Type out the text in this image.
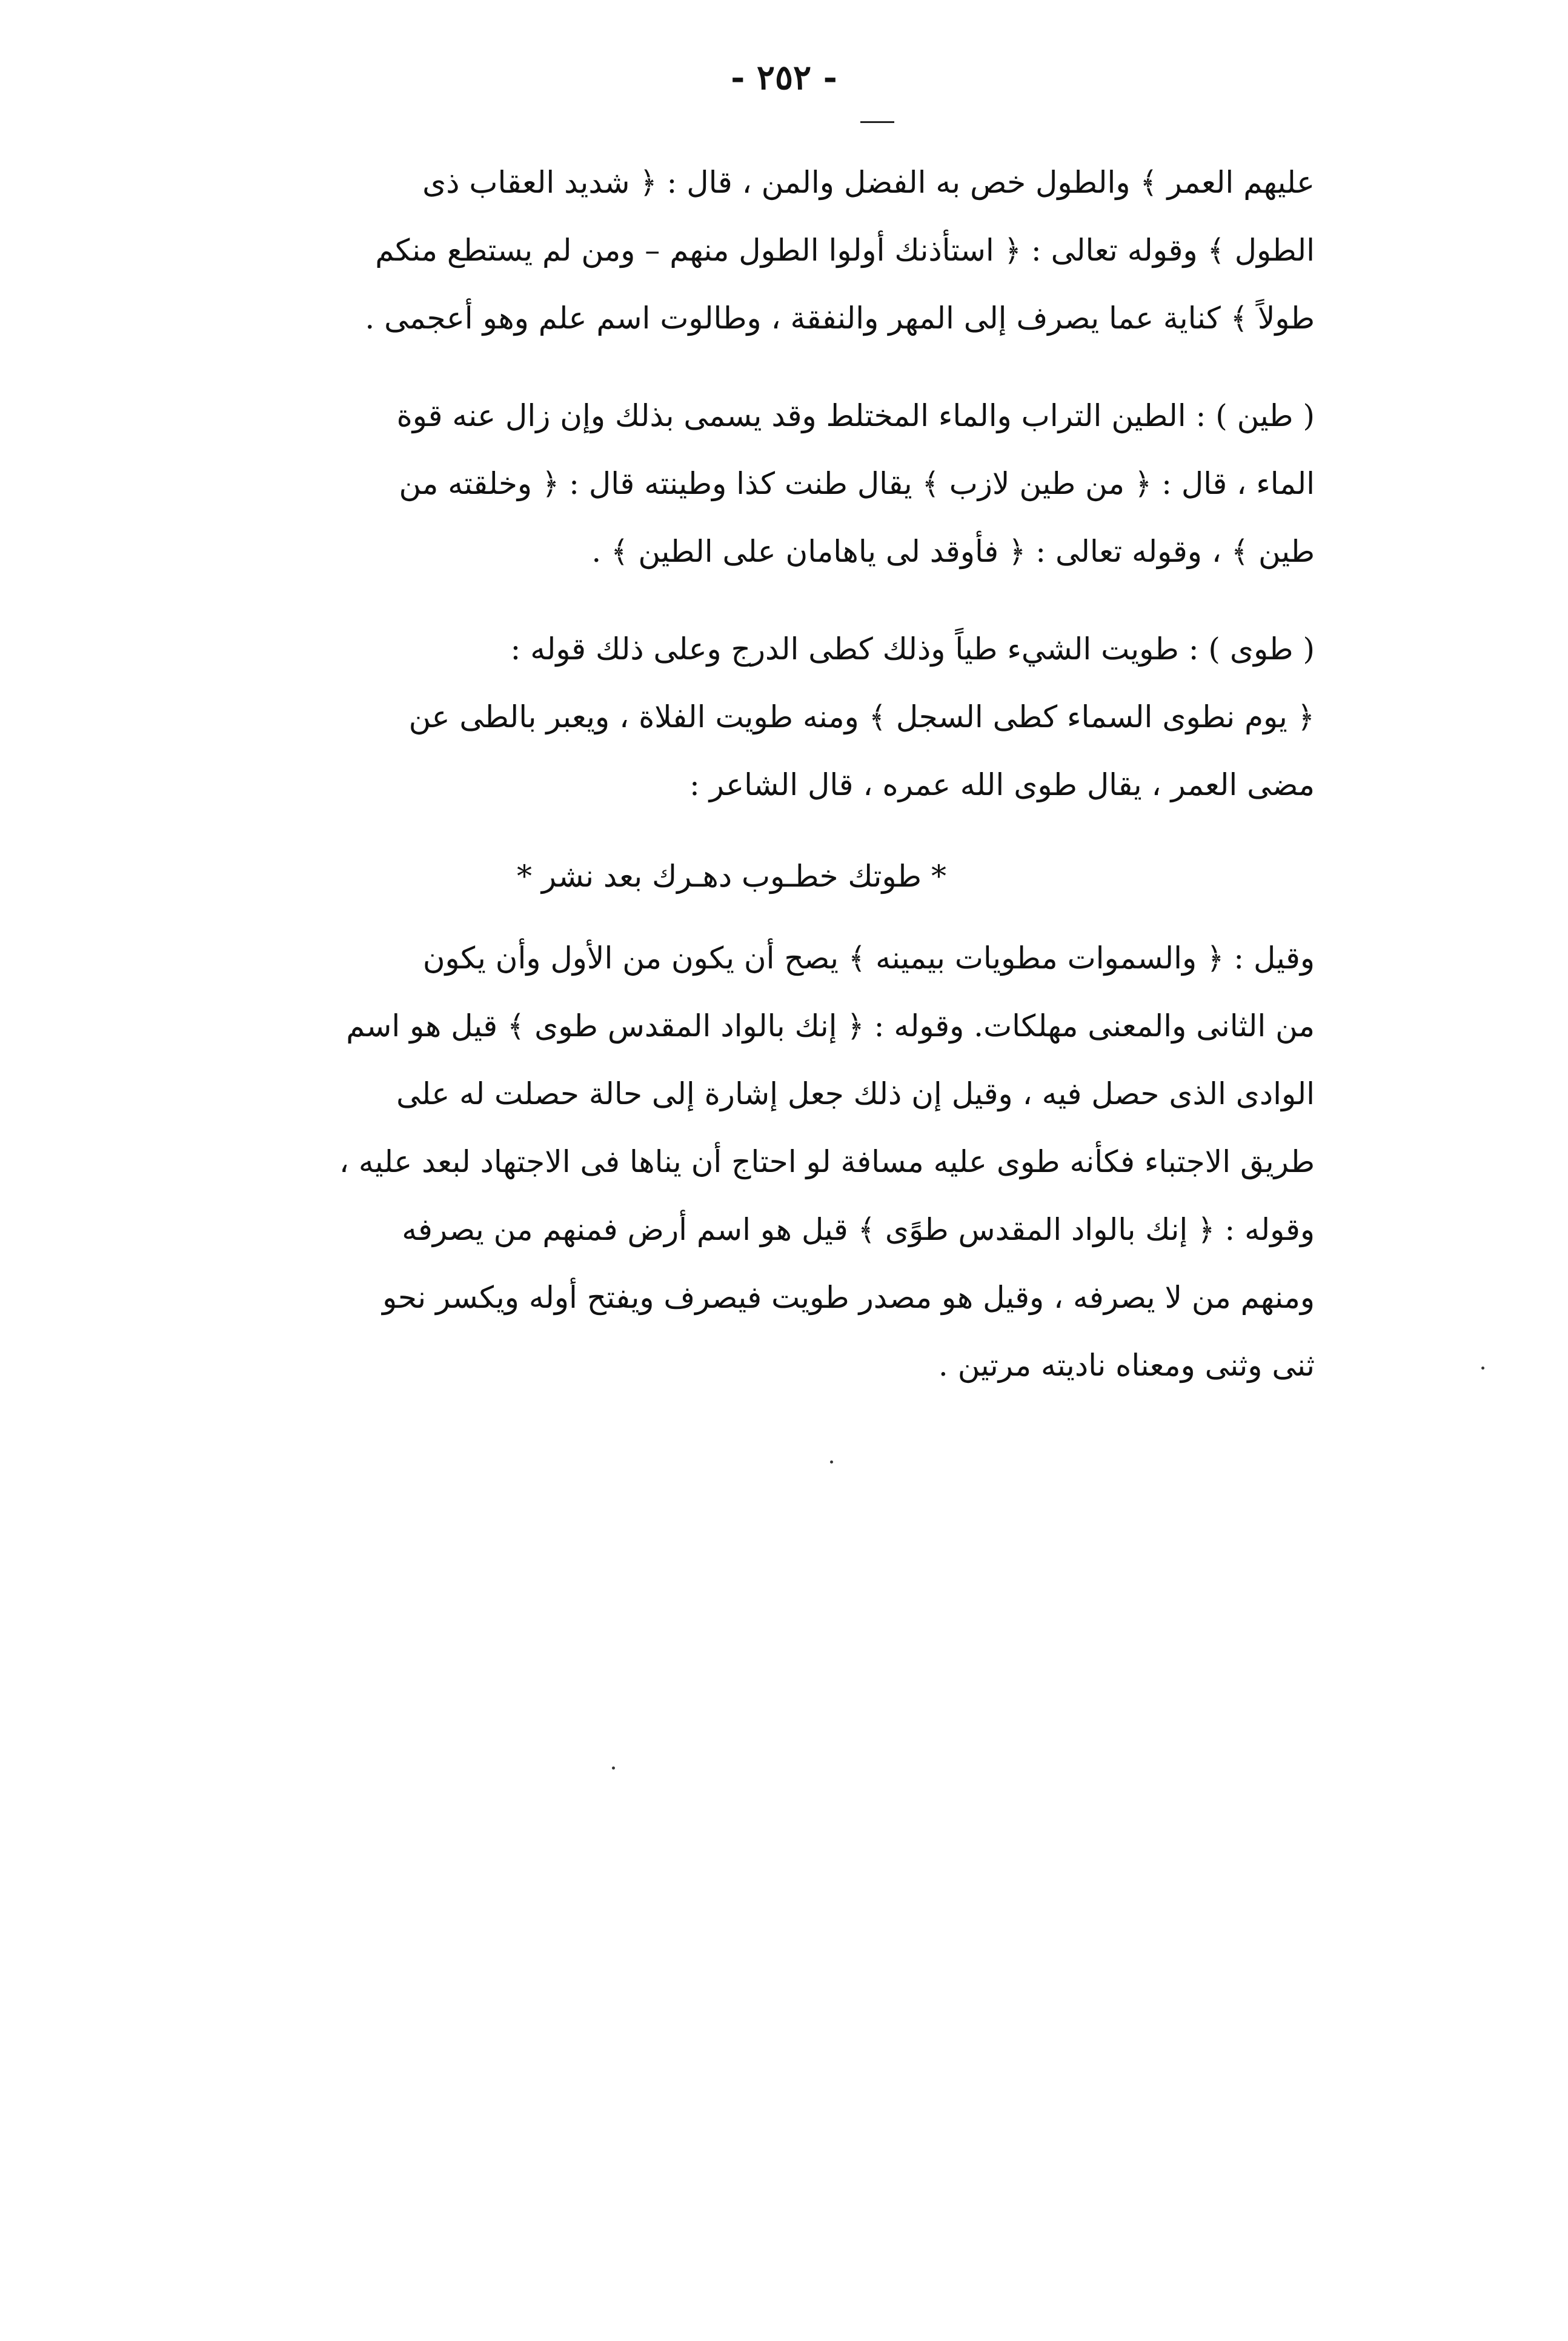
- ٢٥٢ -

عليهم العمر ﴾ والطول خص به الفضل والمن ، قال : ﴿ شديد العقاب ذى

الطول ﴾ وقوله تعالى : ﴿ استأذنك أولوا الطول منهم – ومن لم يستطع منكم

طولاً ﴾ كناية عما يصرف إلى المهر والنفقة ، وطالوت اسم علم وهو أعجمى .

( طين ) : الطين التراب والماء المختلط وقد يسمى بذلك وإن زال عنه قوة

الماء ، قال : ﴿ من طين لازب ﴾ يقال طنت كذا وطينته قال : ﴿ وخلقته من

طين ﴾ ، وقوله تعالى : ﴿ فأوقد لى ياهامان على الطين ﴾ .

( طوى ) : طويت الشيء طياً وذلك كطى الدرج وعلى ذلك قوله :

﴿ يوم نطوى السماء كطى السجل ﴾ ومنه طويت الفلاة ، ويعبر بالطى عن

مضى العمر ، يقال طوى الله عمره ، قال الشاعر :

* طوتك خطـوب دهـرك بعد نشر *

وقيل : ﴿ والسموات مطويات بيمينه ﴾ يصح أن يكون من الأول وأن يكون

من الثانى والمعنى مهلكات. وقوله : ﴿ إنك بالواد المقدس طوى ﴾ قيل هو اسم

الوادى الذى حصل فيه ، وقيل إن ذلك جعل إشارة إلى حالة حصلت له على

طريق الاجتباء فكأنه طوى عليه مسافة لو احتاج أن يناها فى الاجتهاد لبعد عليه ،

وقوله : ﴿ إنك بالواد المقدس طوًى ﴾ قيل هو اسم أرض فمنهم من يصرفه

ومنهم من لا يصرفه ، وقيل هو مصدر طويت فيصرف ويفتح أوله ويكسر نحو

ثنى وثنى ومعناه ناديته مرتين .
